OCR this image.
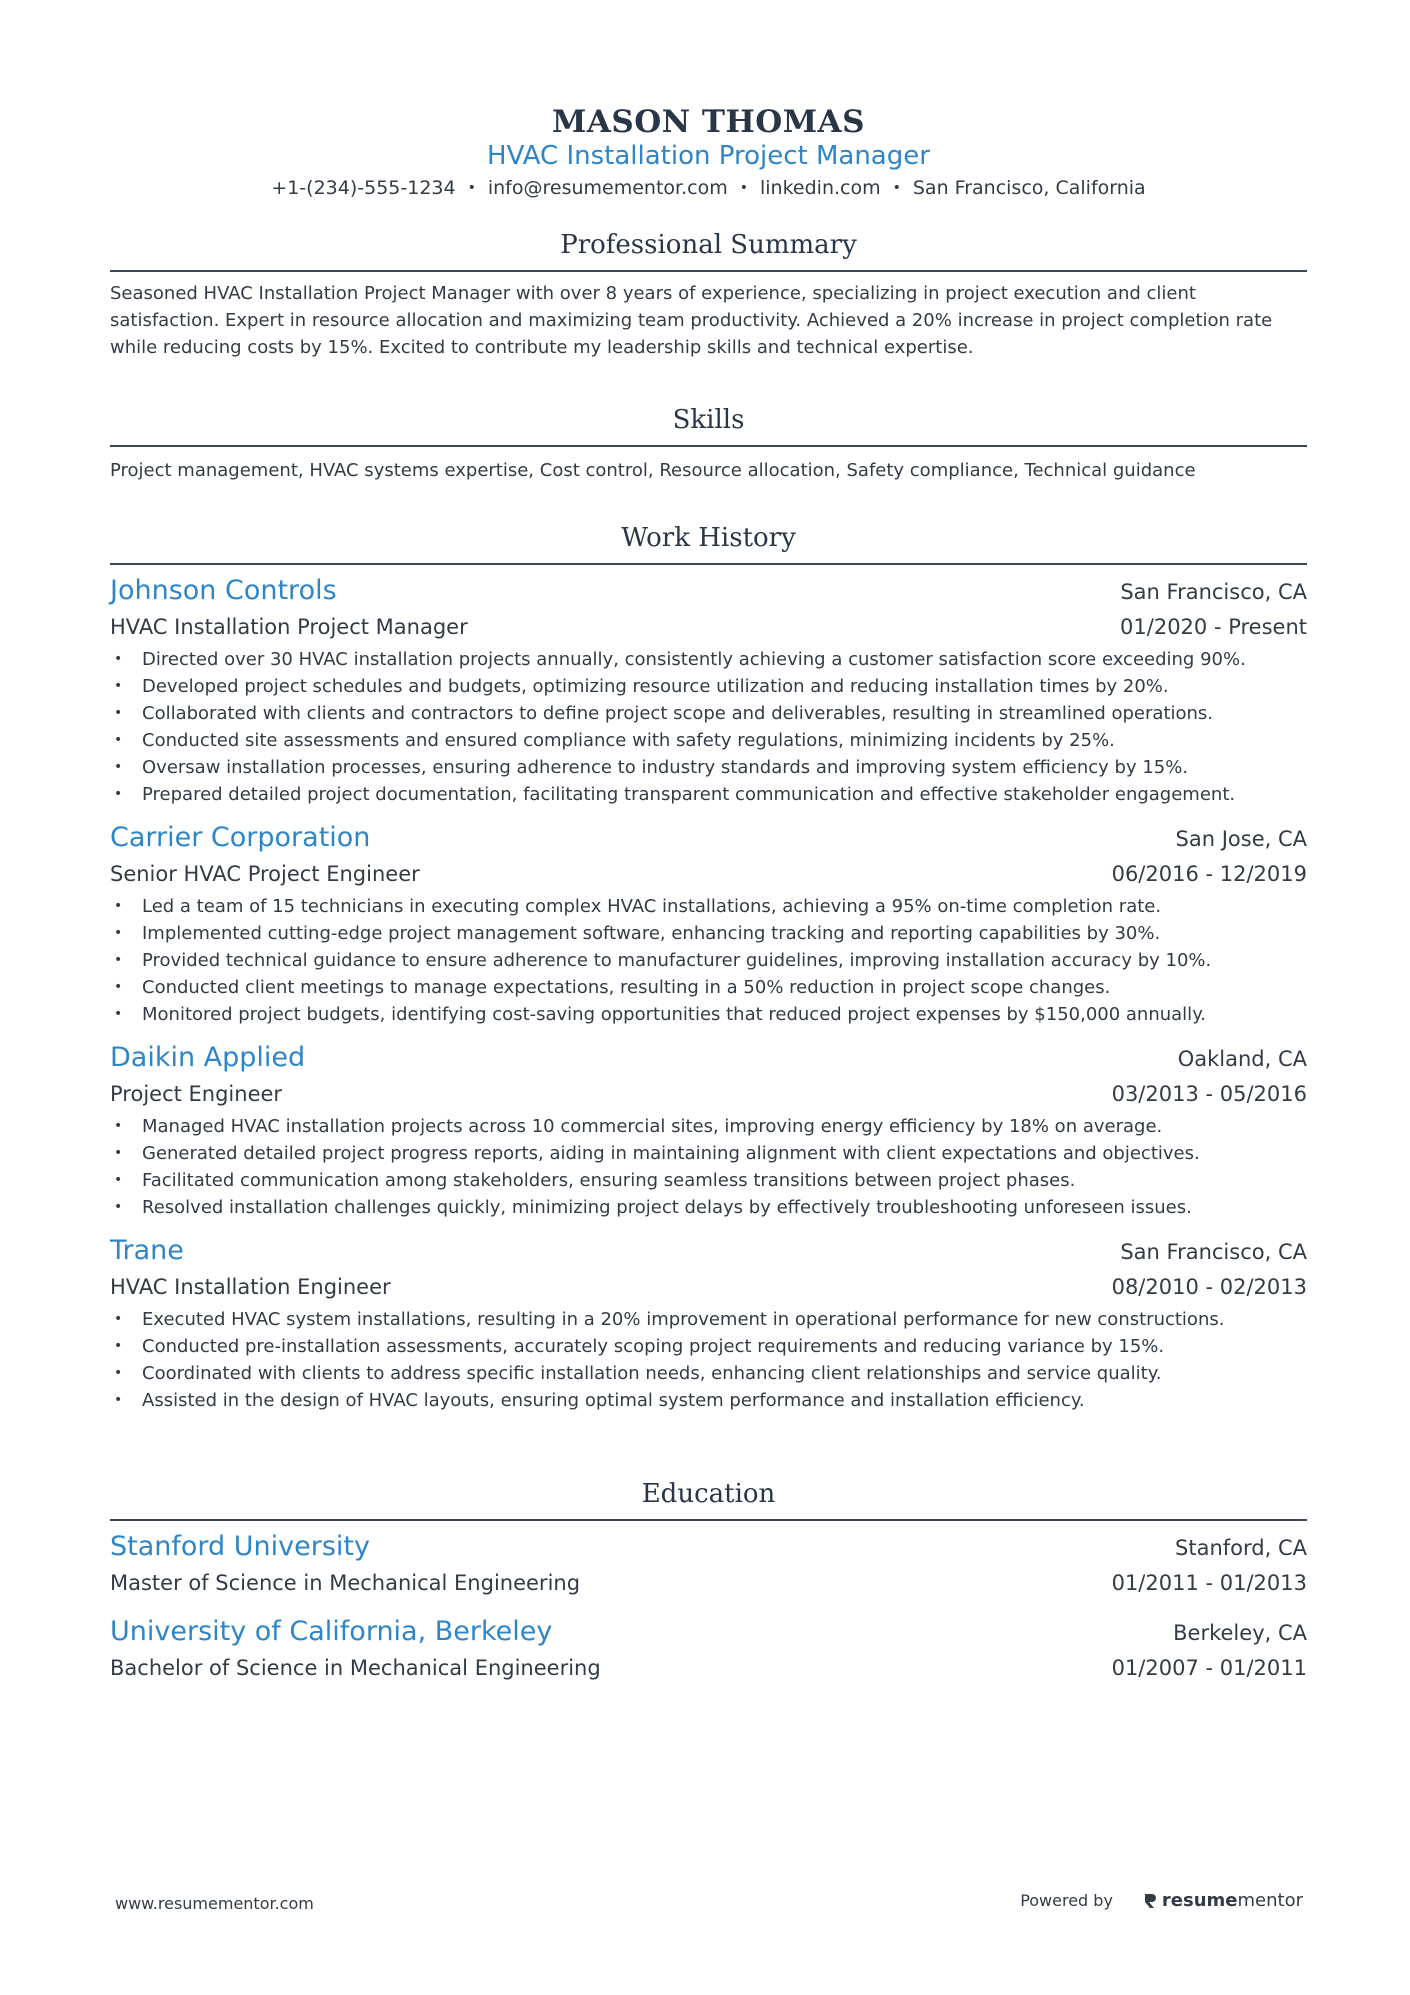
MASON THOMAS
HVAC Installation Project Manager
+1-(234)-555-1234 • info@resumementor.com • linkedin.com • San Francisco, California
Professional Summary
Seasoned HVAC Installation Project Manager with over 8 years of experience, specializing in project execution and client satisfaction. Expert in resource allocation and maximizing team productivity. Achieved a 20% increase in project completion rate while reducing costs by 15%. Excited to contribute my leadership skills and technical expertise.
Skills
Project management, HVAC systems expertise, Cost control, Resource allocation, Safety compliance, Technical guidance
Work History
Johnson Controls	San Francisco, CA
HVAC Installation Project Manager	01/2020 - Present
• Directed over 30 HVAC installation projects annually, consistently achieving a customer satisfaction score exceeding 90%.
• Developed project schedules and budgets, optimizing resource utilization and reducing installation times by 20%.
• Collaborated with clients and contractors to define project scope and deliverables, resulting in streamlined operations.
• Conducted site assessments and ensured compliance with safety regulations, minimizing incidents by 25%.
• Oversaw installation processes, ensuring adherence to industry standards and improving system efficiency by 15%.
• Prepared detailed project documentation, facilitating transparent communication and effective stakeholder engagement.
Carrier Corporation	San Jose, CA
Senior HVAC Project Engineer	06/2016 - 12/2019
• Led a team of 15 technicians in executing complex HVAC installations, achieving a 95% on-time completion rate.
• Implemented cutting-edge project management software, enhancing tracking and reporting capabilities by 30%.
• Provided technical guidance to ensure adherence to manufacturer guidelines, improving installation accuracy by 10%.
• Conducted client meetings to manage expectations, resulting in a 50% reduction in project scope changes.
• Monitored project budgets, identifying cost-saving opportunities that reduced project expenses by $150,000 annually.
Daikin Applied	Oakland, CA
Project Engineer	03/2013 - 05/2016
• Managed HVAC installation projects across 10 commercial sites, improving energy efficiency by 18% on average.
• Generated detailed project progress reports, aiding in maintaining alignment with client expectations and objectives.
• Facilitated communication among stakeholders, ensuring seamless transitions between project phases.
• Resolved installation challenges quickly, minimizing project delays by effectively troubleshooting unforeseen issues.
Trane	San Francisco, CA
HVAC Installation Engineer	08/2010 - 02/2013
• Executed HVAC system installations, resulting in a 20% improvement in operational performance for new constructions.
• Conducted pre-installation assessments, accurately scoping project requirements and reducing variance by 15%.
• Coordinated with clients to address specific installation needs, enhancing client relationships and service quality.
• Assisted in the design of HVAC layouts, ensuring optimal system performance and installation efficiency.
Education
Stanford University	Stanford, CA
Master of Science in Mechanical Engineering	01/2011 - 01/2013
University of California, Berkeley	Berkeley, CA
Bachelor of Science in Mechanical Engineering	01/2007 - 01/2011
www.resumementor.com	Powered by	resume mentor
